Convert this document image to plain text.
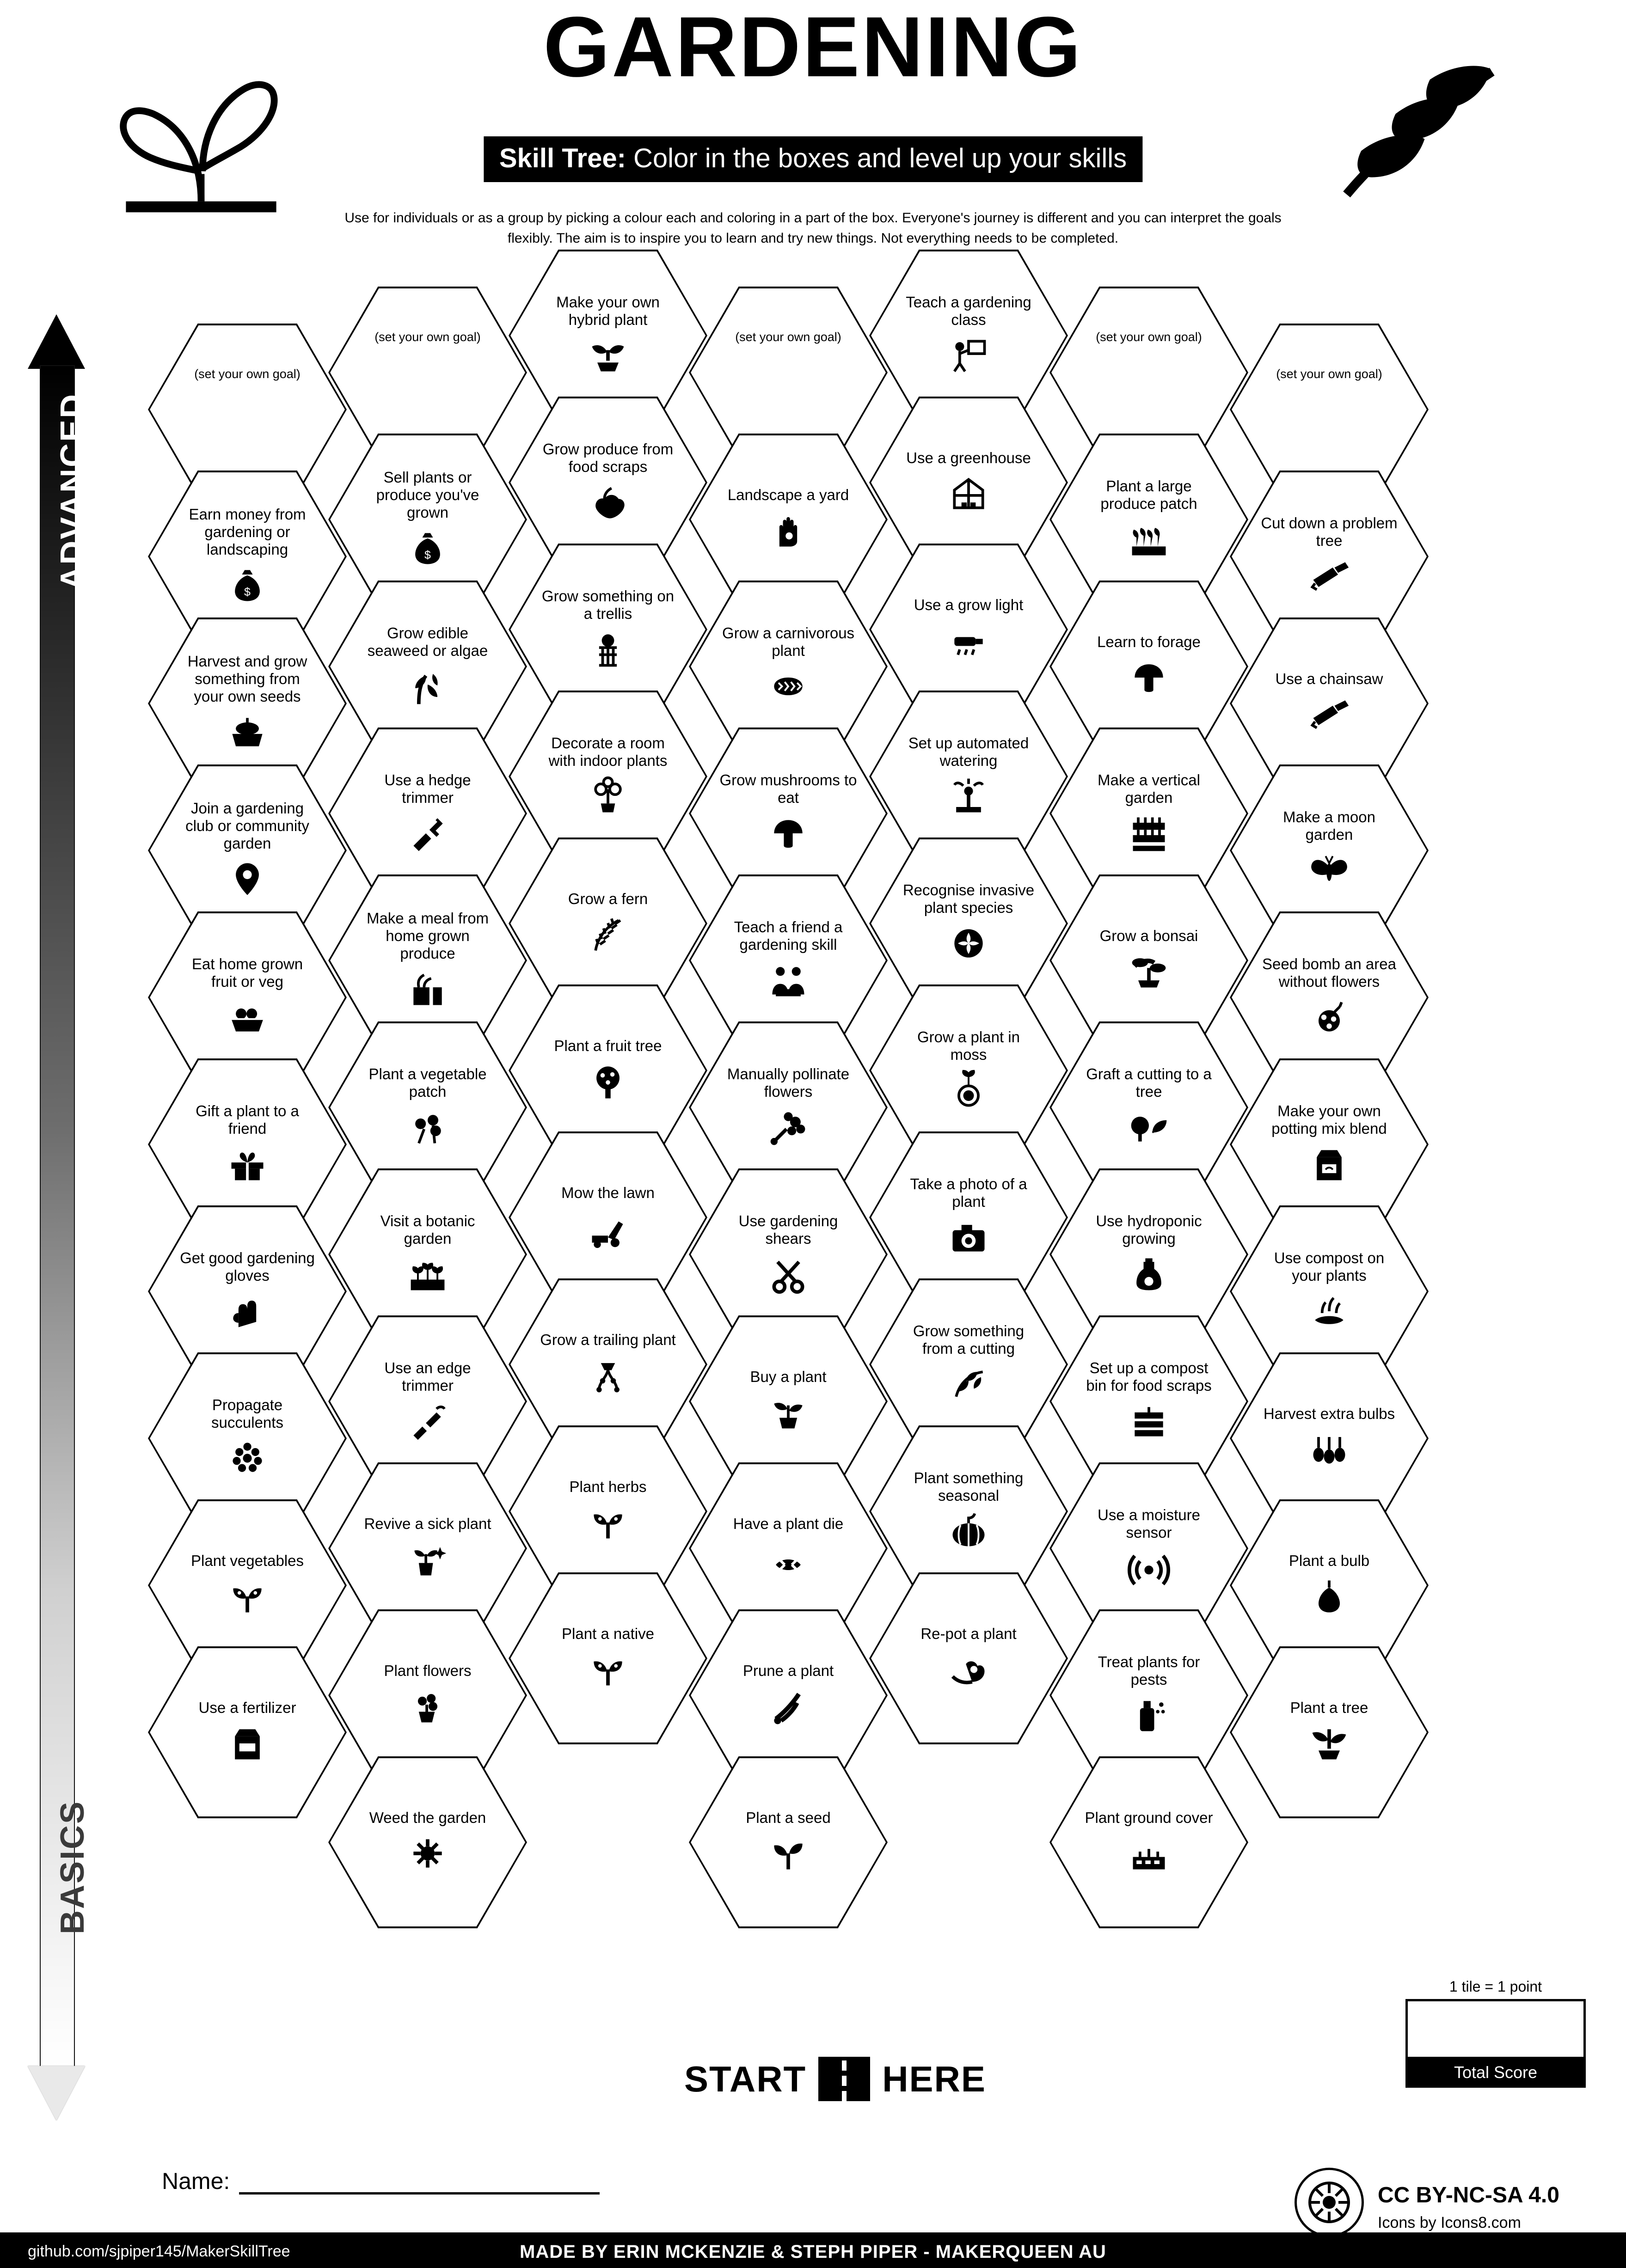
GARDENING
Skill Tree: Color in the boxes and level up your skills
Use for individuals or as a group by picking a colour each and coloring in a part of the box. Everyone's journey is different and you can interpret the goals flexibly. The aim is to inspire you to learn and try new things. Not everything needs to be completed.
ADVANCED
BASICS
(set your own goal)
Earn money from gardening or landscaping
$
Harvest and grow something from your own seeds
Join a gardening club or community garden
Eat home grown fruit or veg
Gift a plant to a friend
Get good gardening gloves
Propagate succulents
Plant vegetables
Use a fertilizer
(set your own goal)
Sell plants or produce you've grown
$
Grow edible seaweed or algae
Use a hedge trimmer
Make a meal from home grown produce
Plant a vegetable patch
Visit a botanic garden
Use an edge trimmer
Revive a sick plant
Plant flowers
Weed the garden
Make your own hybrid plant
Grow produce from food scraps
Grow something on a trellis
Decorate a room with indoor plants
Grow a fern
Plant a fruit tree
Mow the lawn
Grow a trailing plant
Plant herbs
Plant a native
(set your own goal)
Landscape a yard
Grow a carnivorous plant
Grow mushrooms to eat
Teach a friend a gardening skill
Manually pollinate flowers
Use gardening shears
Buy a plant
Have a plant die
Prune a plant
Plant a seed
Teach a gardening class
Use a greenhouse
Use a grow light
Set up automated watering
Recognise invasive plant species
Grow a plant in moss
Take a photo of a plant
Grow something from a cutting
Plant something seasonal
Re-pot a plant
(set your own goal)
Plant a large produce patch
Learn to forage
Make a vertical garden
Grow a bonsai
Graft a cutting to a tree
Use hydroponic growing
Set up a compost bin for food scraps
Use a moisture sensor
Treat plants for pests
Plant ground cover
(set your own goal)
Cut down a problem tree
Use a chainsaw
Make a moon garden
Seed bomb an area without flowers
Make your own potting mix blend
Use compost on your plants
Harvest extra bulbs
Plant a bulb
Plant a tree
START HERE
1 tile = 1 point
Total Score
Name:
CC BY-NC-SA 4.0
Icons by Icons8.com
github.com/sjpiper145/MakerSkillTree	MADE BY ERIN MCKENZIE & STEPH PIPER - MAKERQUEEN AU
